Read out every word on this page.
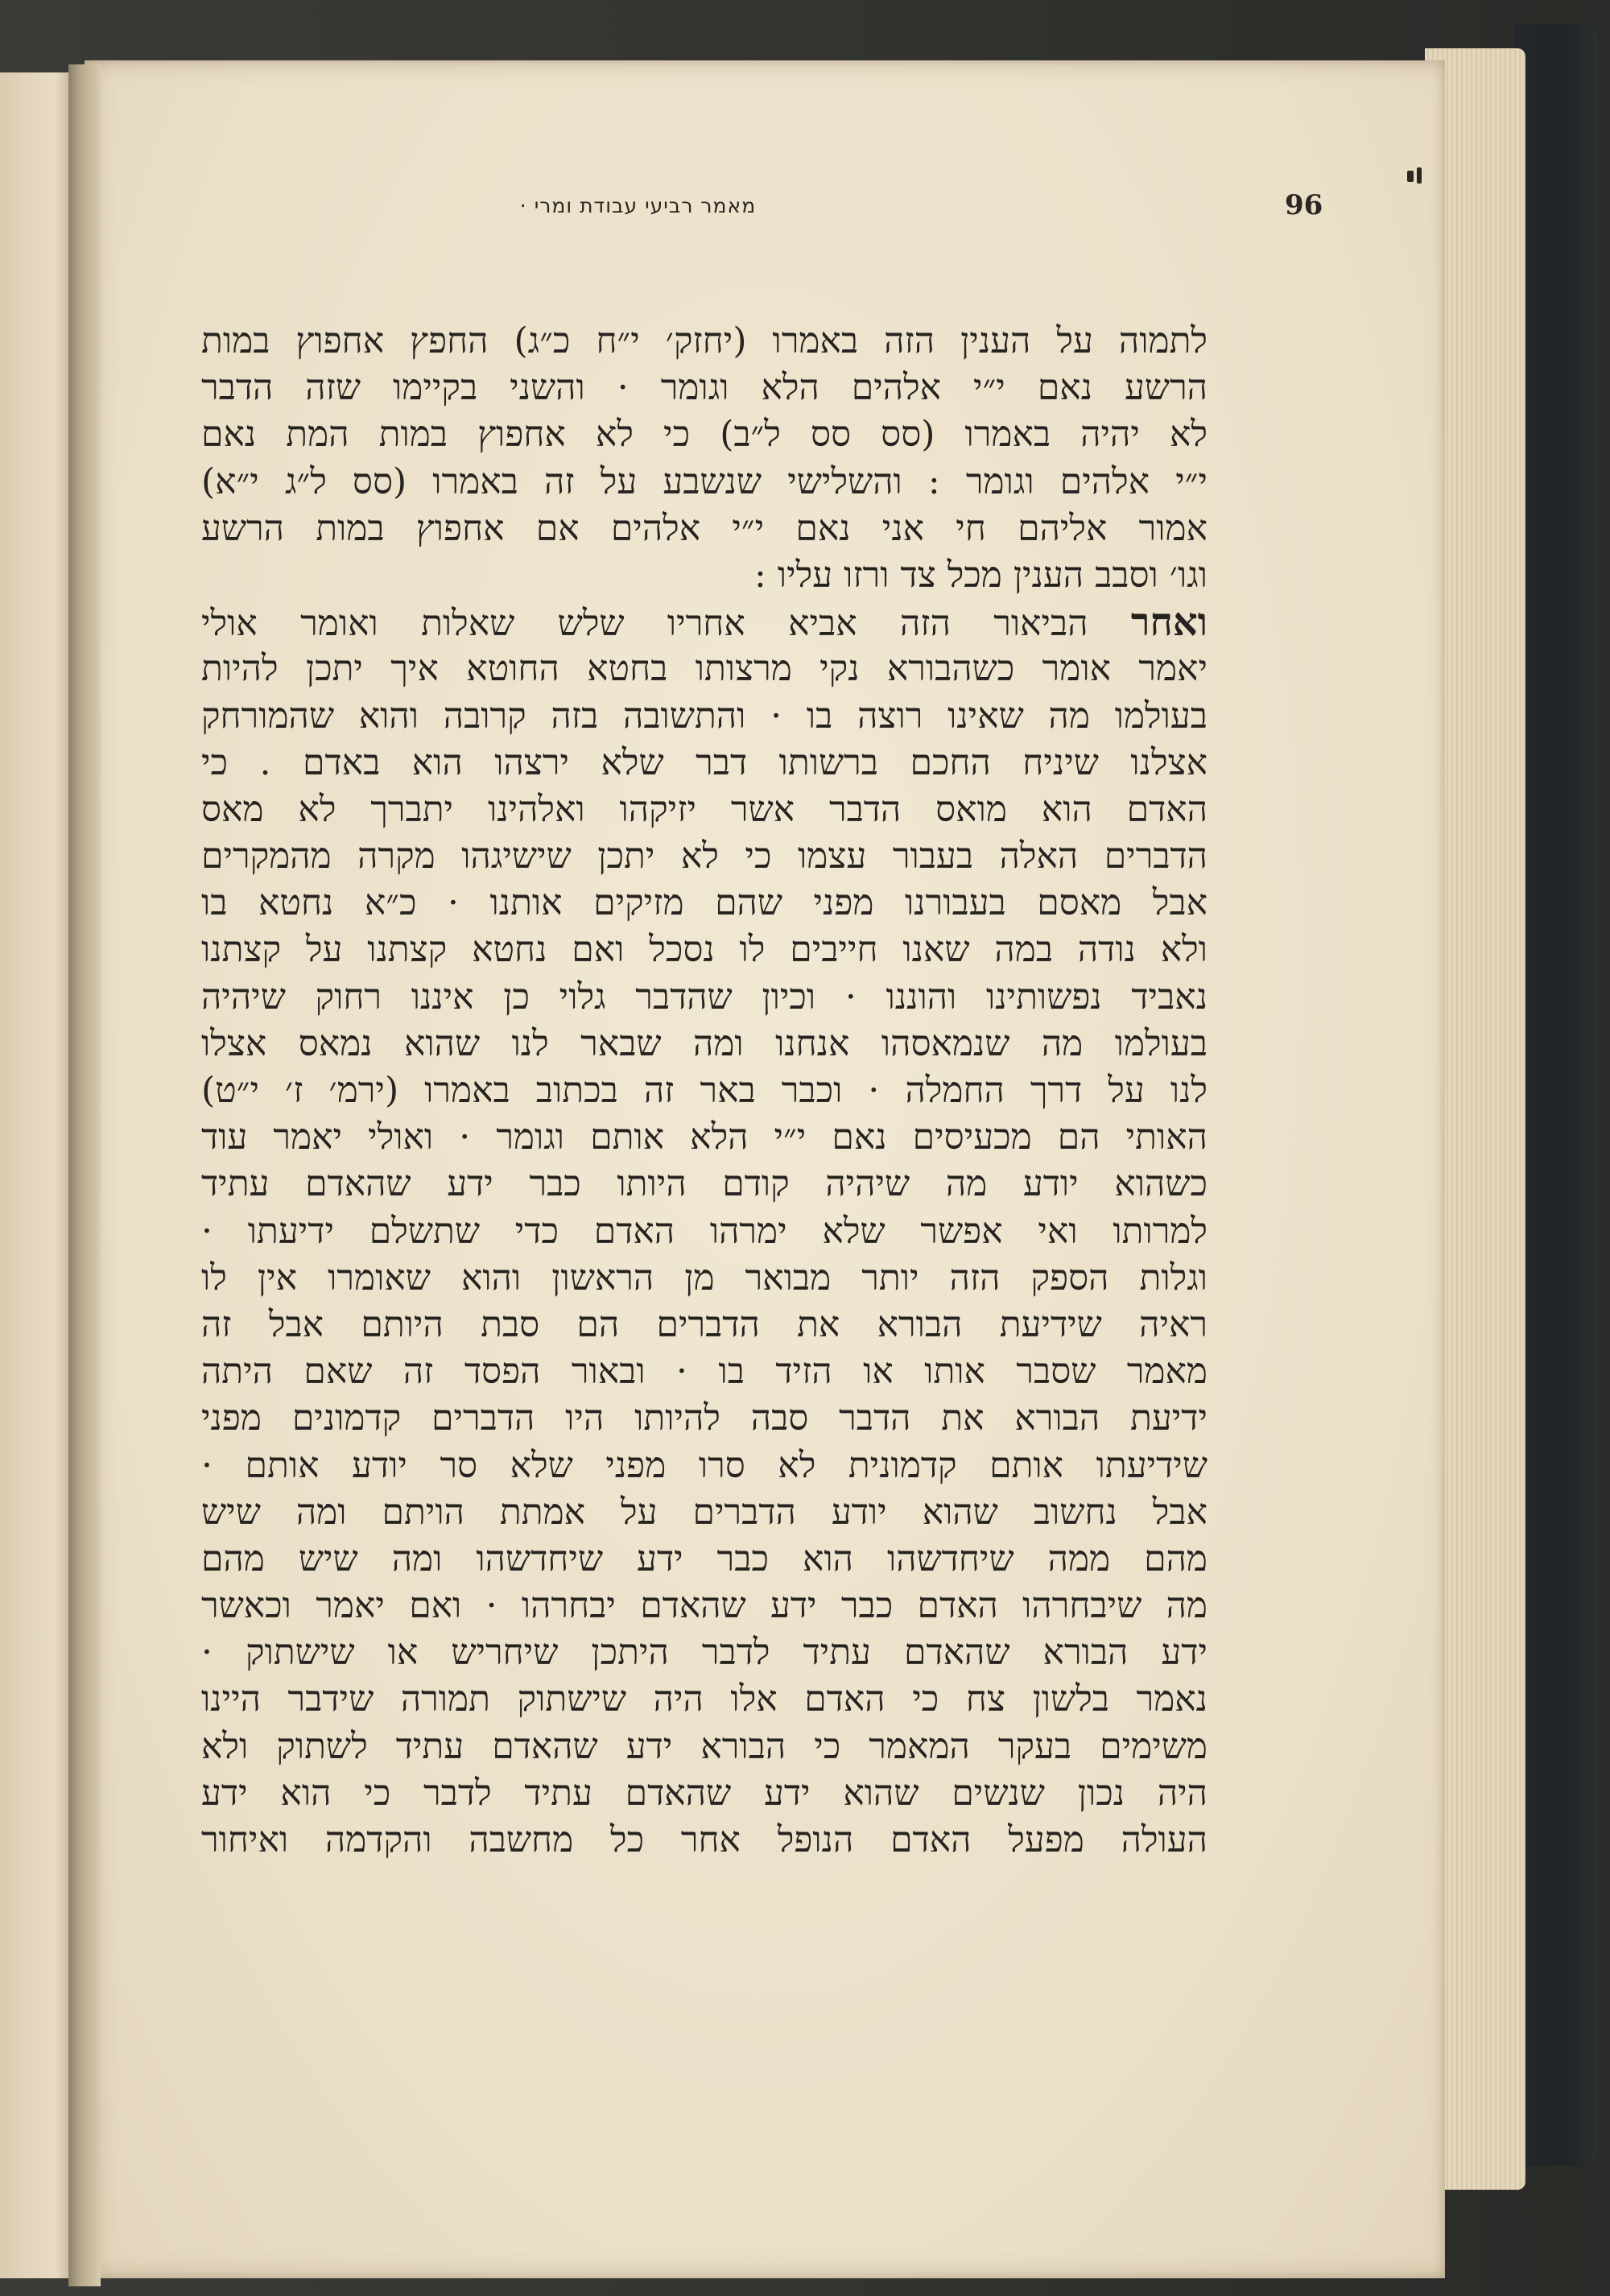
מאמר רביעי עבודת ומרי ·	96
לתמוה על הענין הזה באמרו (יחזק׳ י״ח כ״ג) החפץ אחפוץ במות
הרשע נאם י״י אלהים הלא וגומר · והשני בקיימו שזה הדבר
לא יהיה באמרו (סס סס ל״ב) כי לא אחפוץ במות המת נאם
י״י אלהים וגומר : והשלישי שנשבע על זה באמרו (סס ל״ג י״א)
אמור אליהם חי אני נאם י״י אלהים אם אחפוץ במות הרשע
וגו׳ וסבב הענין מכל צד ורזו עליו :
ואחר הביאור הזה אביא אחריו שלש שאלות ואומר אולי
יאמר אומר כשהבורא נקי מרצותו בחטא החוטא איך יתכן להיות
בעולמו מה שאינו רוצה בו · והתשובה בזה קרובה והוא שהמורחק
אצלנו שיניח החכם ברשותו דבר שלא ירצהו הוא באדם . כי
האדם הוא מואס הדבר אשר יזיקהו ואלהינו יתברך לא מאס
הדברים האלה בעבור עצמו כי לא יתכן שישיגהו מקרה מהמקרים
אבל מאסם בעבורנו מפני שהם מזיקים אותנו · כ״א נחטא בו
ולא נודה במה שאנו חייבים לו נסכל ואם נחטא קצתנו על קצתנו
נאביד נפשותינו והוננו · וכיון שהדבר גלוי כן איננו רחוק שיהיה
בעולמו מה שנמאסהו אנחנו ומה שבאר לנו שהוא נמאס אצלו
לנו על דרך החמלה · וכבר באר זה בכתוב באמרו (ירמ׳ ז׳ י״ט)
האותי הם מכעיסים נאם י״י הלא אותם וגומר · ואולי יאמר עוד
כשהוא יודע מה שיהיה קודם היותו כבר ידע שהאדם עתיד
למרותו ואי אפשר שלא ימרהו האדם כדי שתשלם ידיעתו ·
וגלות הספק הזה יותר מבואר מן הראשון והוא שאומרו אין לו
ראיה שידיעת הבורא את הדברים הם סבת היותם אבל זה
מאמר שסבר אותו או הזיד בו · ובאור הפסד זה שאם היתה
ידיעת הבורא את הדבר סבה להיותו היו הדברים קדמונים מפני
שידיעתו אותם קדמונית לא סרו מפני שלא סר יודע אותם ·
אבל נחשוב שהוא יודע הדברים על אמתת הויתם ומה שיש
מהם ממה שיחדשהו הוא כבר ידע שיחדשהו ומה שיש מהם
מה שיבחרהו האדם כבר ידע שהאדם יבחרהו · ואם יאמר וכאשר
ידע הבורא שהאדם עתיד לדבר היתכן שיחריש או שישתוק ·
נאמר בלשון צח כי האדם אלו היה שישתוק תמורה שידבר היינו
משימים בעקר המאמר כי הבורא ידע שהאדם עתיד לשתוק ולא
היה נכון שנשים שהוא ידע שהאדם עתיד לדבר כי הוא ידע
העולה מפעל האדם הנופל אחר כל מחשבה והקדמה ואיחור
